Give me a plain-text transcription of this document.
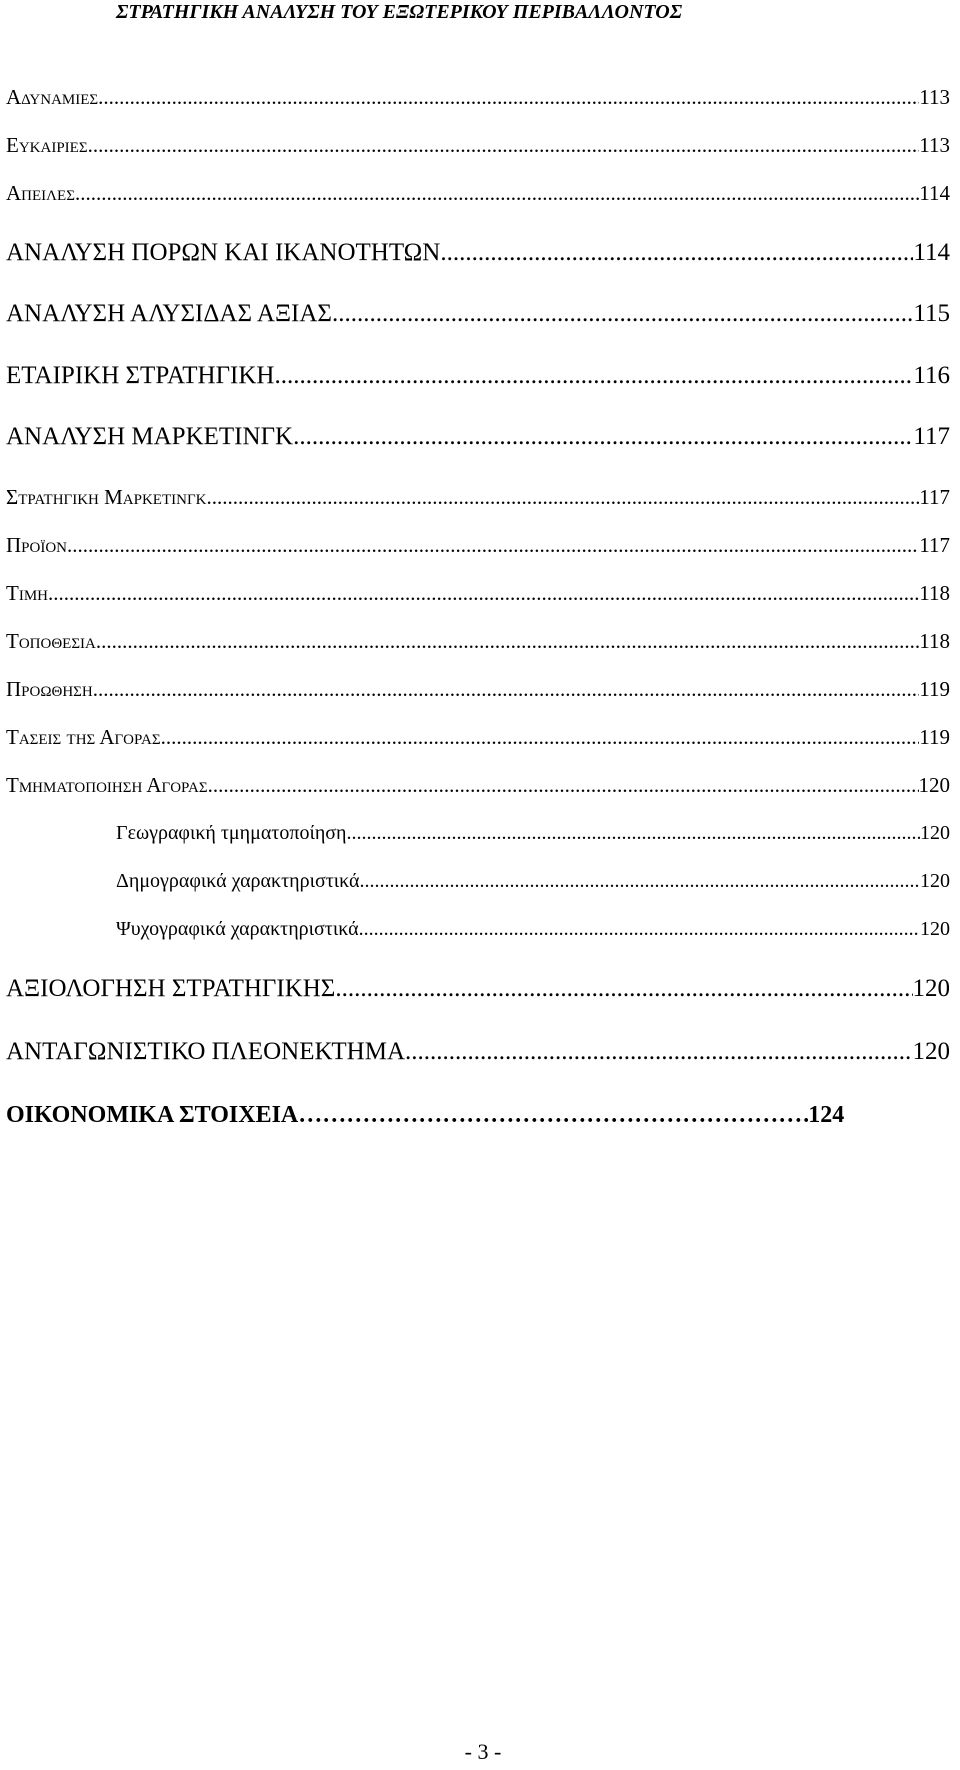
ΣΤΡΑΤΗΓΙΚΗ ΑΝΑΛΥΣΗ ΤΟΥ ΕΞΩΤΕΡΙΚΟΥ ΠΕΡΙΒΑΛΛΟΝΤΟΣ
Αδυναμιεσ .....	113
Ευκαιριεσ .....	113
Απειλεσ .....	114
ΑΝΑΛΥΣΗ ΠΟΡΩΝ ΚΑΙ ΙΚΑΝΟΤΗΤΩΝ .....	114
ΑΝΑΛΥΣΗ ΑΛΥΣΙΔΑΣ ΑΞΙΑΣ .....	115
ΕΤΑΙΡΙΚΗ ΣΤΡΑΤΗΓΙΚΗ .....	116
ΑΝΑΛΥΣΗ ΜΑΡΚΕΤΙΝΓΚ .....	117
Στρατηγικη Μαρκετινγκ .....	117
Προϊον .....	117
Τιμη .....	118
Τοποθεσια .....	118
Προωθηση .....	119
Τασεισ της Αγορασ .....	119
Τμηματοποιηση Αγορασ .....	120
Γεωγραφική τμηματοποίηση .....	120
Δημογραφικά χαρακτηριστικά .....	120
Ψυχογραφικά χαρακτηριστικά .....	120
ΑΞΙΟΛΟΓΗΣΗ ΣΤΡΑΤΗΓΙΚΗΣ .....	120
ΑΝΤΑΓΩΝΙΣΤΙΚΟ ΠΛΕΟΝΕΚΤΗΜΑ .....	120
ΟΙΚΟΝΟΜΙΚΑ ΣΤΟΙΧΕΙΑ …………………………………………………………………………………………………………………………………………………………………………………………………	124
- 3 -
